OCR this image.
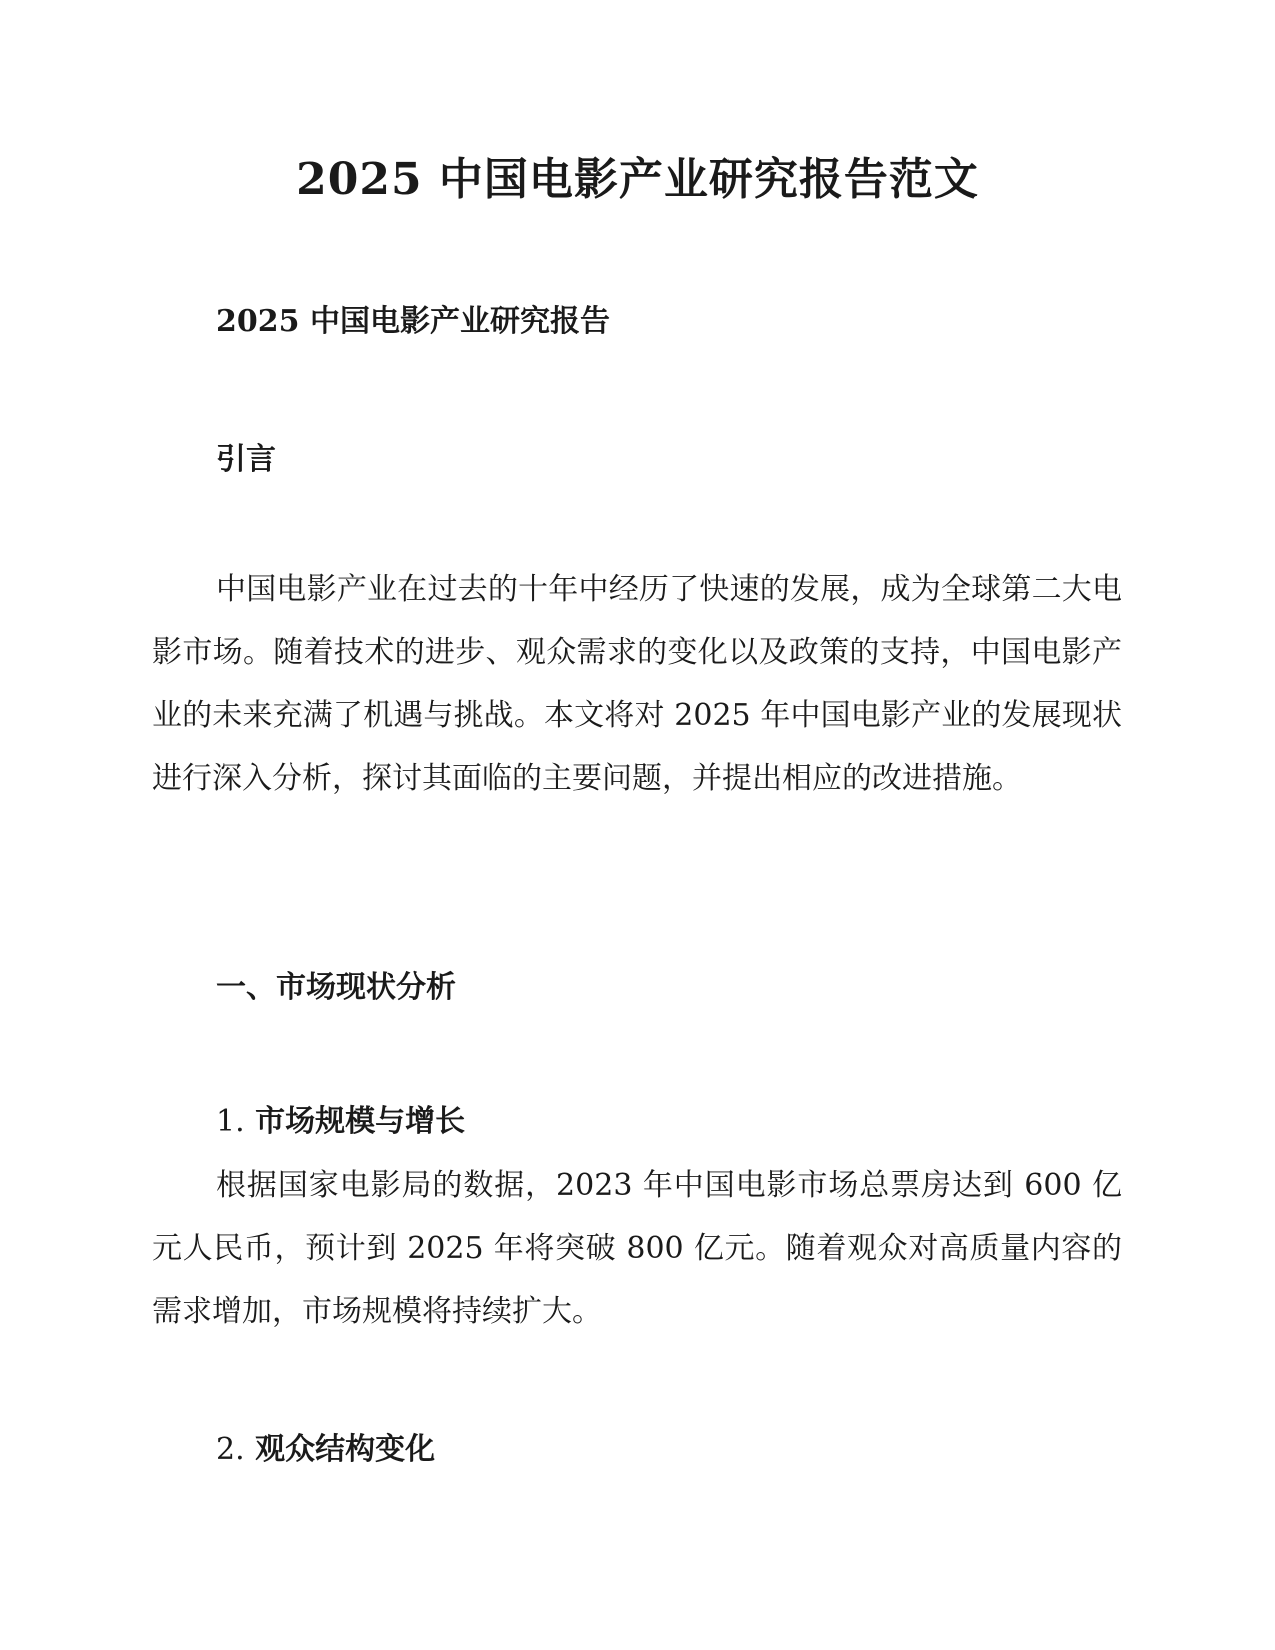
2025 中国电影产业研究报告范文
2025 中国电影产业研究报告
引言

中国电影产业在过去的十年中经历了快速的发展，成为全球第二大电影市场。随着技术的进步、观众需求的变化以及政策的支持，中国电影产业的未来充满了机遇与挑战。本文将对 2025 年中国电影产业的发展现状进行深入分析，探讨其面临的主要问题，并提出相应的改进措施。

一、市场现状分析
1. 市场规模与增长

根据国家电影局的数据，2023 年中国电影市场总票房达到 600 亿元人民币，预计到 2025 年将突破 800 亿元。随着观众对高质量内容的需求增加，市场规模将持续扩大。

2. 观众结构变化
